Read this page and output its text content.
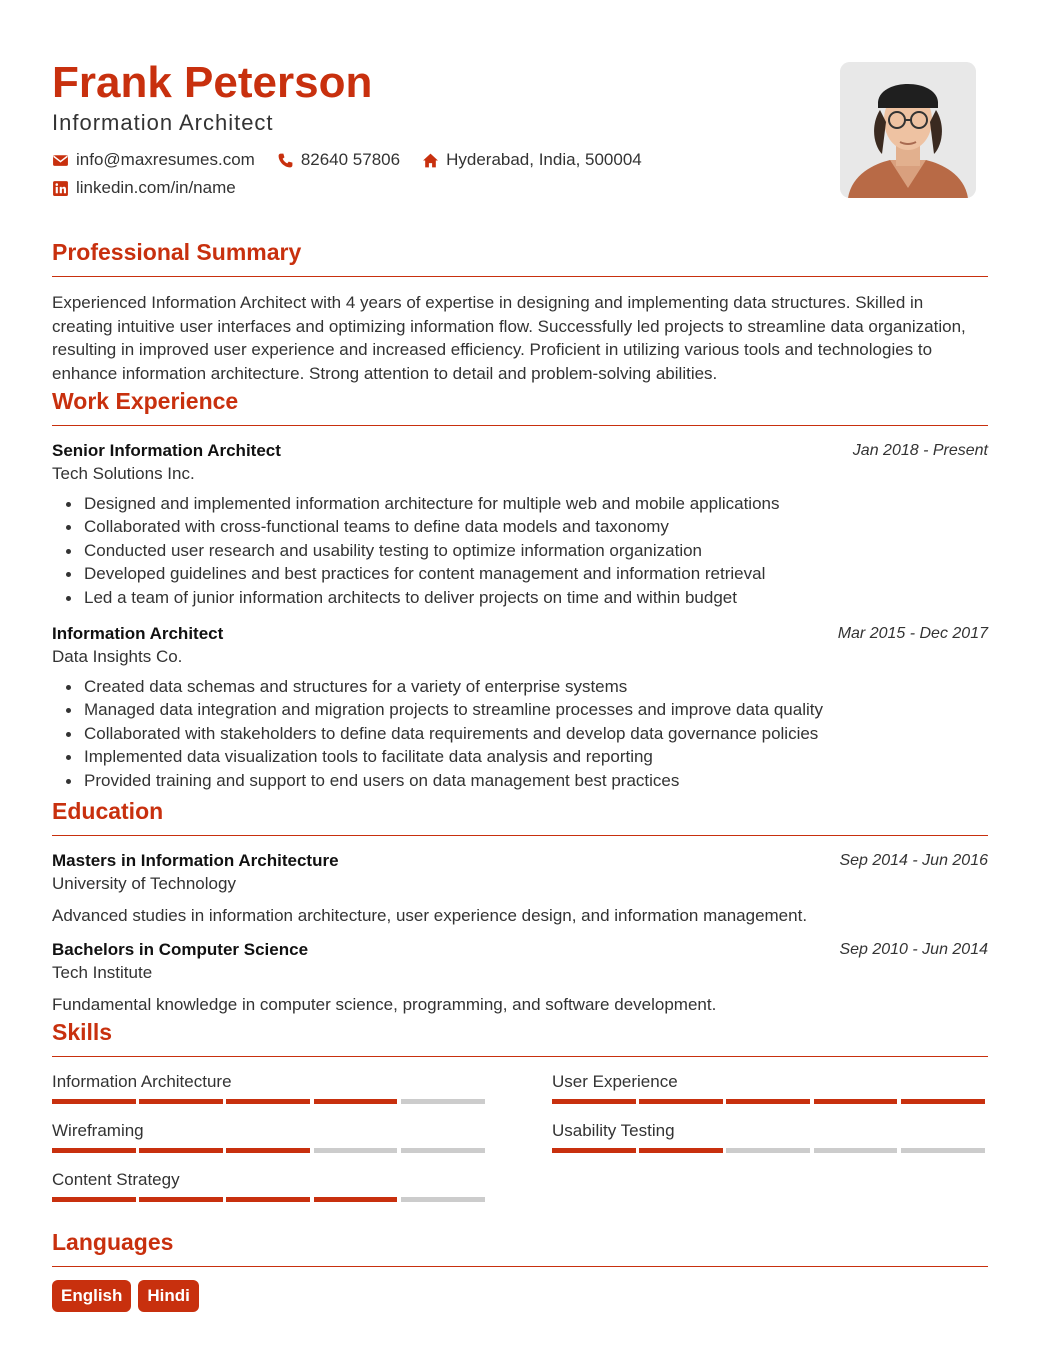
Frank Peterson
Information Architect
info@maxresumes.com	82640 57806	Hyderabad, India, 500004
linkedin.com/in/name
Professional Summary
Experienced Information Architect with 4 years of expertise in designing and implementing data structures. Skilled in creating intuitive user interfaces and optimizing information flow. Successfully led projects to streamline data organization, resulting in improved user experience and increased efficiency. Proficient in utilizing various tools and technologies to enhance information architecture. Strong attention to detail and problem-solving abilities.
Work Experience
Senior Information Architect	Jan 2018 - Present
Tech Solutions Inc.
Designed and implemented information architecture for multiple web and mobile applications
Collaborated with cross-functional teams to define data models and taxonomy
Conducted user research and usability testing to optimize information organization
Developed guidelines and best practices for content management and information retrieval
Led a team of junior information architects to deliver projects on time and within budget
Information Architect	Mar 2015 - Dec 2017
Data Insights Co.
Created data schemas and structures for a variety of enterprise systems
Managed data integration and migration projects to streamline processes and improve data quality
Collaborated with stakeholders to define data requirements and develop data governance policies
Implemented data visualization tools to facilitate data analysis and reporting
Provided training and support to end users on data management best practices
Education
Masters in Information Architecture	Sep 2014 - Jun 2016
University of Technology
Advanced studies in information architecture, user experience design, and information management.
Bachelors in Computer Science	Sep 2010 - Jun 2014
Tech Institute
Fundamental knowledge in computer science, programming, and software development.
Skills
Information Architecture	User Experience
Wireframing	Usability Testing
Content Strategy
Languages
English	Hindi
